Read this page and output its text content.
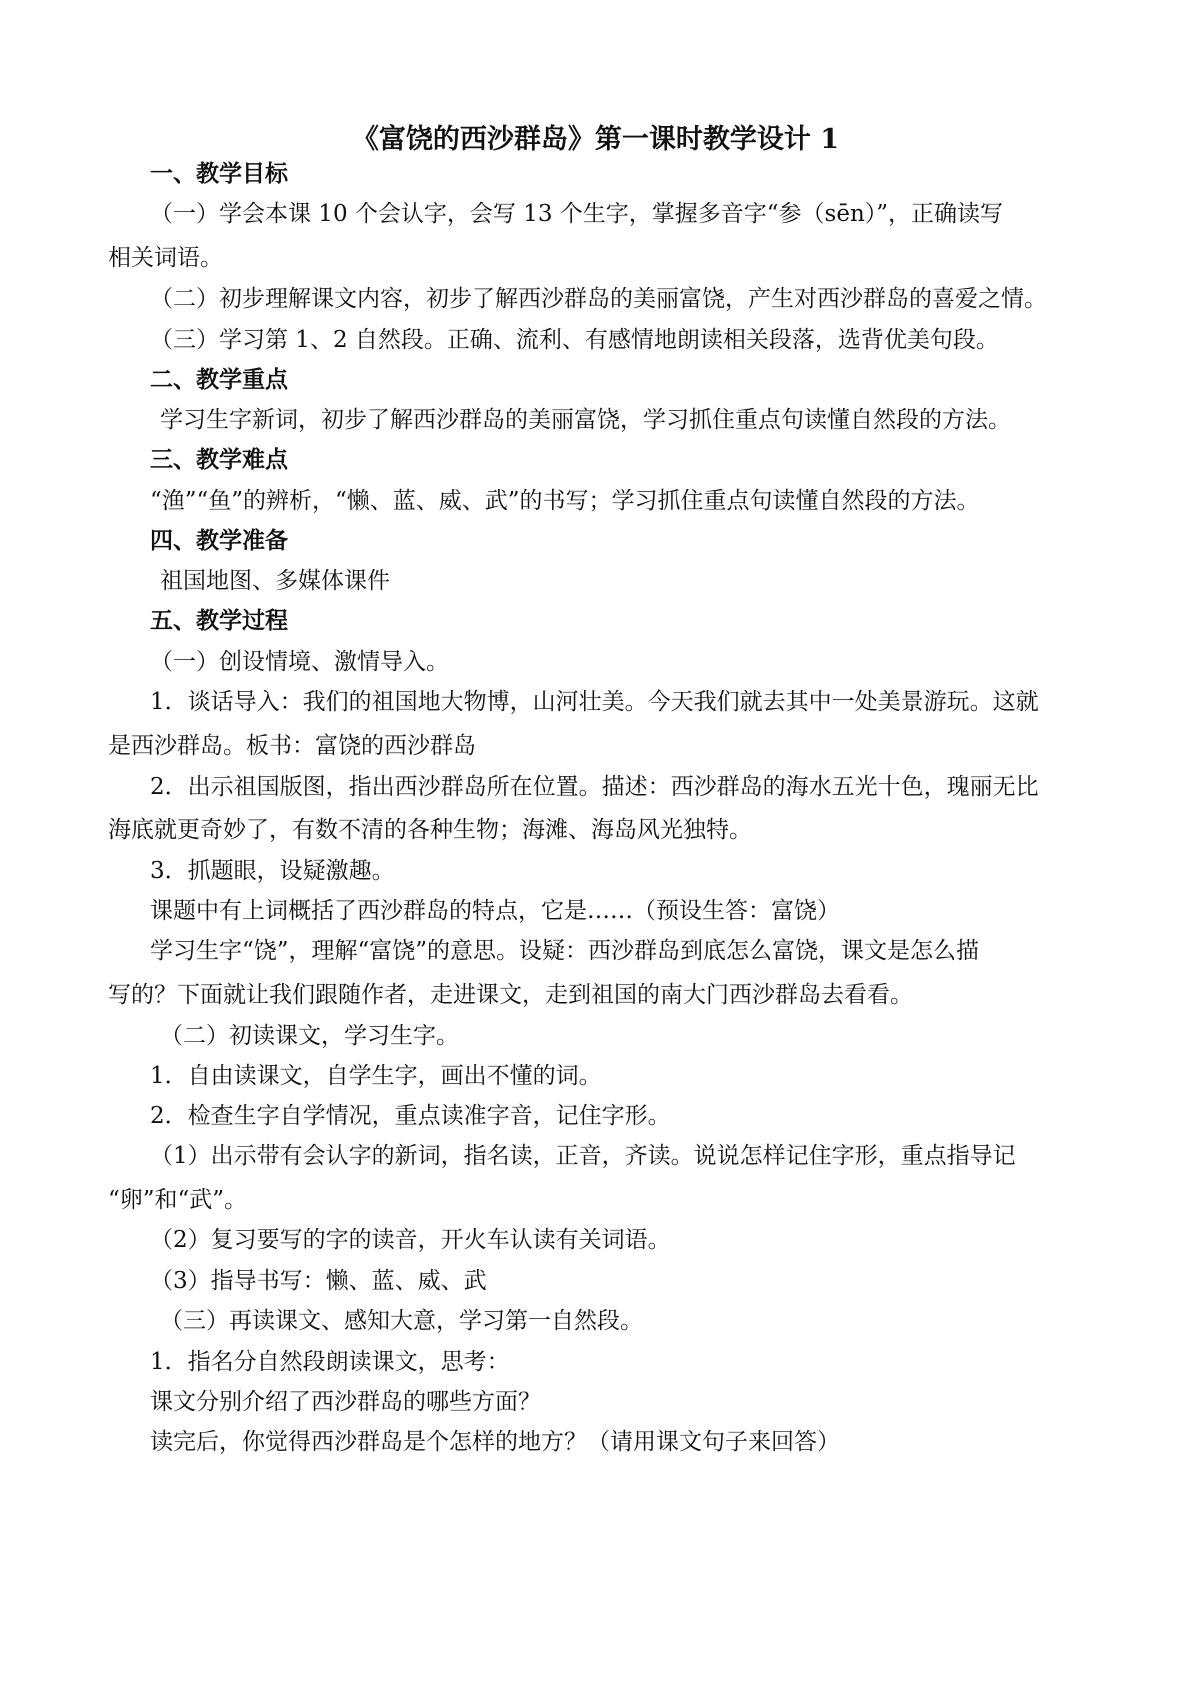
《富饶的西沙群岛》第一课时教学设计 1
一、教学目标
（一）学会本课 10 个会认字，会写 13 个生字，掌握多音字“参（sēn）”，正确读写
相关词语。
（二）初步理解课文内容，初步了解西沙群岛的美丽富饶，产生对西沙群岛的喜爱之情。
（三）学习第 1、2 自然段。正确、流利、有感情地朗读相关段落，选背优美句段。
二、教学重点
学习生字新词，初步了解西沙群岛的美丽富饶，学习抓住重点句读懂自然段的方法。
三、教学难点
“渔”“鱼”的辨析，“懒、蓝、威、武”的书写；学习抓住重点句读懂自然段的方法。
四、教学准备
祖国地图、多媒体课件
五、教学过程
（一）创设情境、激情导入。
1．谈话导入：我们的祖国地大物博，山河壮美。今天我们就去其中一处美景游玩。这就
是西沙群岛。板书：富饶的西沙群岛
2．出示祖国版图，指出西沙群岛所在位置。描述：西沙群岛的海水五光十色，瑰丽无比
海底就更奇妙了，有数不清的各种生物；海滩、海岛风光独特。
3．抓题眼，设疑激趣。
课题中有上词概括了西沙群岛的特点，它是……（预设生答：富饶）
学习生字“饶”，理解“富饶”的意思。设疑：西沙群岛到底怎么富饶，课文是怎么描
写的？下面就让我们跟随作者，走进课文，走到祖国的南大门西沙群岛去看看。
（二）初读课文，学习生字。
1．自由读课文，自学生字，画出不懂的词。
2．检查生字自学情况，重点读准字音，记住字形。
（1）出示带有会认字的新词，指名读，正音，齐读。说说怎样记住字形，重点指导记
“卵”和“武”。
（2）复习要写的字的读音，开火车认读有关词语。
（3）指导书写：懒、蓝、威、武
（三）再读课文、感知大意，学习第一自然段。
1．指名分自然段朗读课文，思考：
课文分别介绍了西沙群岛的哪些方面？
读完后，你觉得西沙群岛是个怎样的地方？（请用课文句子来回答）
